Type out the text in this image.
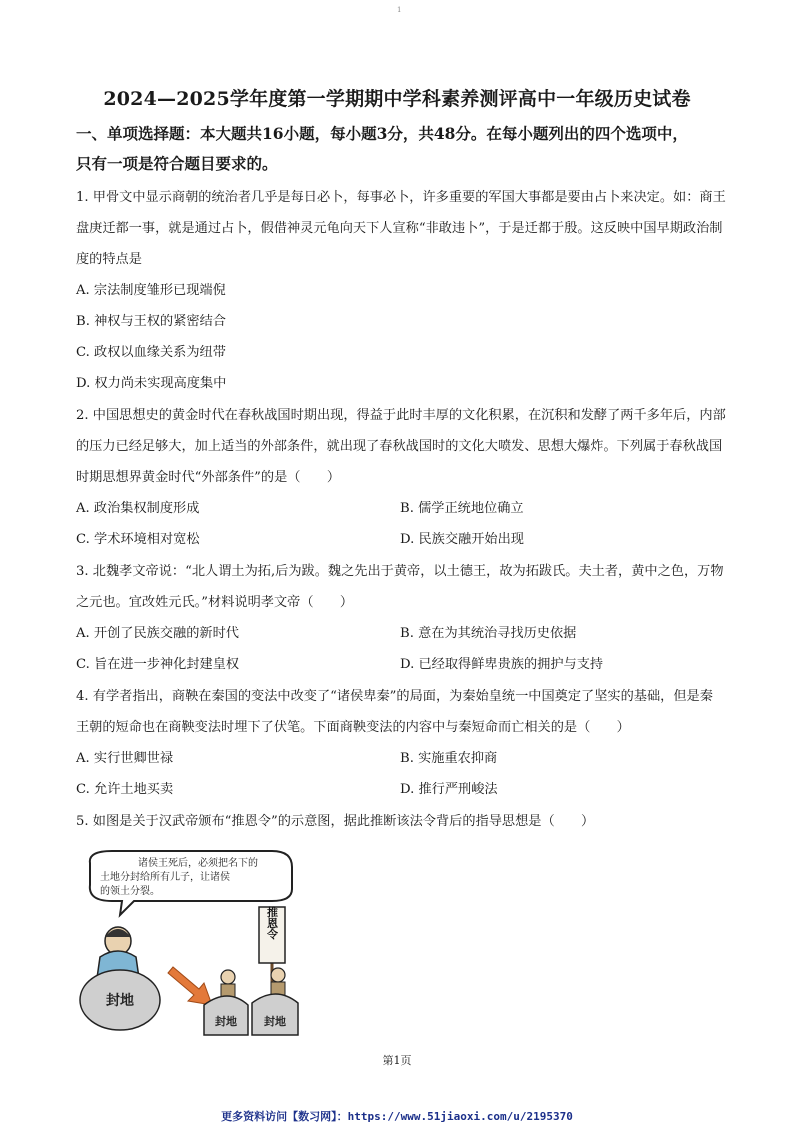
1
2024—2025学年度第一学期期中学科素养测评高中一年级历史试卷
一、单项选择题：本大题共16小题，每小题3分，共48分。在每小题列出的四个选项中，
只有一项是符合题目要求的。
1. 甲骨文中显示商朝的统治者几乎是每日必卜，每事必卜，许多重要的军国大事都是要由占卜来决定。如：商王盘庚迁都一事，就是通过占卜，假借神灵元龟向天下人宣称“非敢违卜”，于是迁都于殷。这反映中国早期政治制度的特点是
A. 宗法制度雏形已现端倪
B. 神权与王权的紧密结合
C. 政权以血缘关系为纽带
D. 权力尚未实现高度集中
2. 中国思想史的黄金时代在春秋战国时期出现，得益于此时丰厚的文化积累，在沉积和发酵了两千多年后，内部的压力已经足够大，加上适当的外部条件，就出现了春秋战国时的文化大喷发、思想大爆炸。下列属于春秋战国时期思想界黄金时代“外部条件”的是（　　）
A. 政治集权制度形成	B. 儒学正统地位确立
C. 学术环境相对宽松	D. 民族交融开始出现
3. 北魏孝文帝说：“北人谓土为拓,后为跋。魏之先出于黄帝，以土德王，故为拓跋氏。夫土者，黄中之色，万物之元也。宜改姓元氏。”材料说明孝文帝（　　）
A. 开创了民族交融的新时代	B. 意在为其统治寻找历史依据
C. 旨在进一步神化封建皇权	D. 已经取得鲜卑贵族的拥护与支持
4. 有学者指出，商鞅在秦国的变法中改变了“诸侯卑秦”的局面，为秦始皇统一中国奠定了坚实的基础，但是秦王朝的短命也在商鞅变法时埋下了伏笔。下面商鞅变法的内容中与秦短命而亡相关的是（　　）
A. 实行世卿世禄	B. 实施重农抑商
C. 允许土地买卖	D. 推行严刑峻法
5. 如图是关于汉武帝颁布“推恩令”的示意图，据此推断该法令背后的指导思想是（　　）
诸侯王死后，必须把名下的
土地分封给所有儿子，让诸侯
的领土分裂。
推恩令
封地
封地 封地
第1页
更多资料访问【数习网】：https://www.51jiaoxi.com/u/2195370
